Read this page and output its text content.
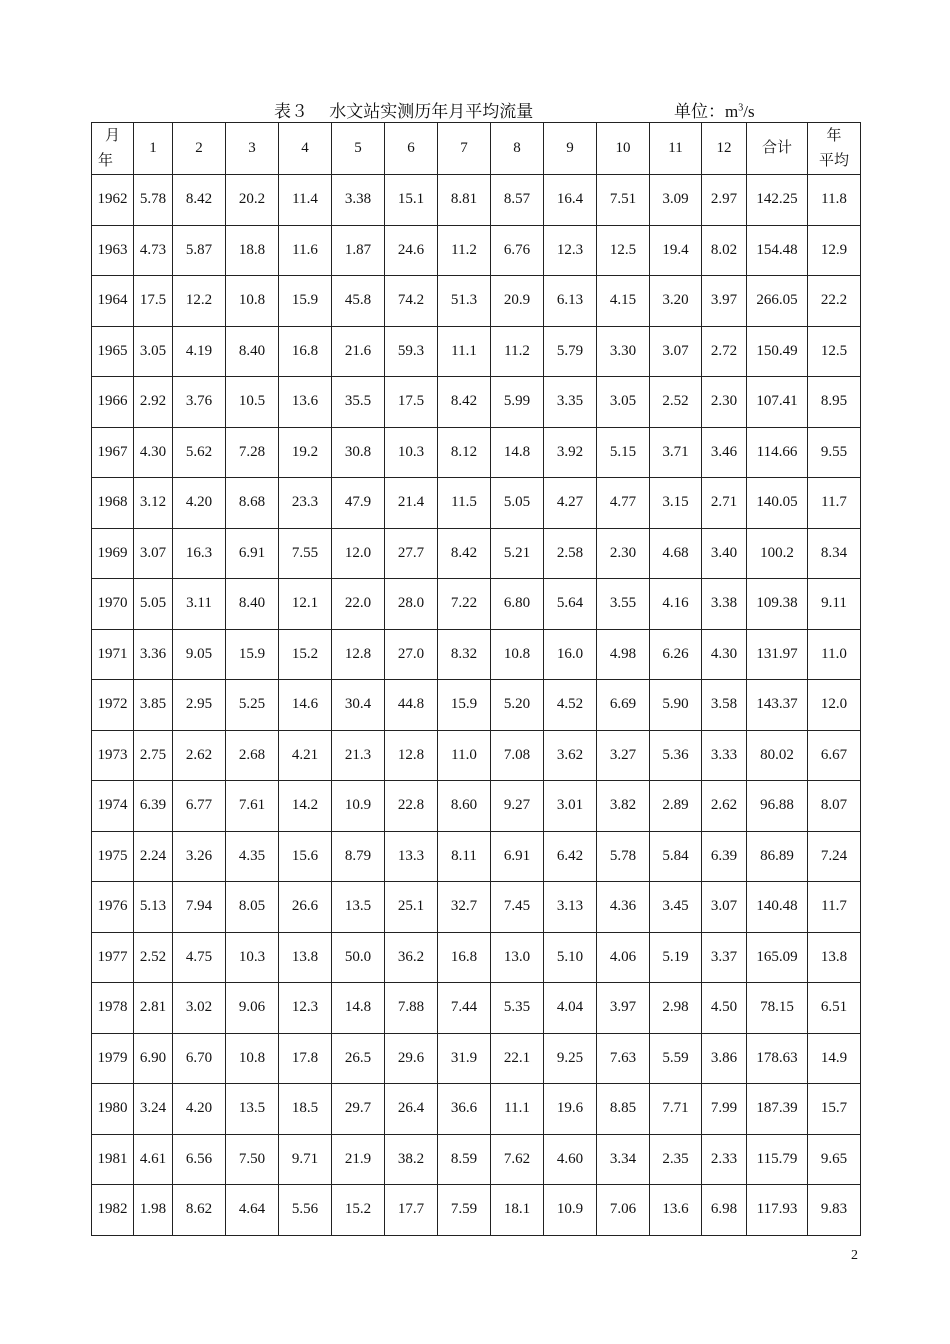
表３　 水文站实测历年月平均流量	单位：$m^3/s$
月
年	1	2	3	4	5	6	7	8	9	10	11	12	合计	年
平均

1962	5.78	8.42	20.2	11.4	3.38	15.1	8.81	8.57	16.4	7.51	3.09	2.97	142.25	11.8
1963	4.73	5.87	18.8	11.6	1.87	24.6	11.2	6.76	12.3	12.5	19.4	8.02	154.48	12.9
1964	17.5	12.2	10.8	15.9	45.8	74.2	51.3	20.9	6.13	4.15	3.20	3.97	266.05	22.2
1965	3.05	4.19	8.40	16.8	21.6	59.3	11.1	11.2	5.79	3.30	3.07	2.72	150.49	12.5
1966	2.92	3.76	10.5	13.6	35.5	17.5	8.42	5.99	3.35	3.05	2.52	2.30	107.41	8.95
1967	4.30	5.62	7.28	19.2	30.8	10.3	8.12	14.8	3.92	5.15	3.71	3.46	114.66	9.55
1968	3.12	4.20	8.68	23.3	47.9	21.4	11.5	5.05	4.27	4.77	3.15	2.71	140.05	11.7
1969	3.07	16.3	6.91	7.55	12.0	27.7	8.42	5.21	2.58	2.30	4.68	3.40	100.2	8.34
1970	5.05	3.11	8.40	12.1	22.0	28.0	7.22	6.80	5.64	3.55	4.16	3.38	109.38	9.11
1971	3.36	9.05	15.9	15.2	12.8	27.0	8.32	10.8	16.0	4.98	6.26	4.30	131.97	11.0
1972	3.85	2.95	5.25	14.6	30.4	44.8	15.9	5.20	4.52	6.69	5.90	3.58	143.37	12.0
1973	2.75	2.62	2.68	4.21	21.3	12.8	11.0	7.08	3.62	3.27	5.36	3.33	80.02	6.67
1974	6.39	6.77	7.61	14.2	10.9	22.8	8.60	9.27	3.01	3.82	2.89	2.62	96.88	8.07
1975	2.24	3.26	4.35	15.6	8.79	13.3	8.11	6.91	6.42	5.78	5.84	6.39	86.89	7.24
1976	5.13	7.94	8.05	26.6	13.5	25.1	32.7	7.45	3.13	4.36	3.45	3.07	140.48	11.7
1977	2.52	4.75	10.3	13.8	50.0	36.2	16.8	13.0	5.10	4.06	5.19	3.37	165.09	13.8
1978	2.81	3.02	9.06	12.3	14.8	7.88	7.44	5.35	4.04	3.97	2.98	4.50	78.15	6.51
1979	6.90	6.70	10.8	17.8	26.5	29.6	31.9	22.1	9.25	7.63	5.59	3.86	178.63	14.9
1980	3.24	4.20	13.5	18.5	29.7	26.4	36.6	11.1	19.6	8.85	7.71	7.99	187.39	15.7
1981	4.61	6.56	7.50	9.71	21.9	38.2	8.59	7.62	4.60	3.34	2.35	2.33	115.79	9.65
1982	1.98	8.62	4.64	5.56	15.2	17.7	7.59	18.1	10.9	7.06	13.6	6.98	117.93	9.83
2
